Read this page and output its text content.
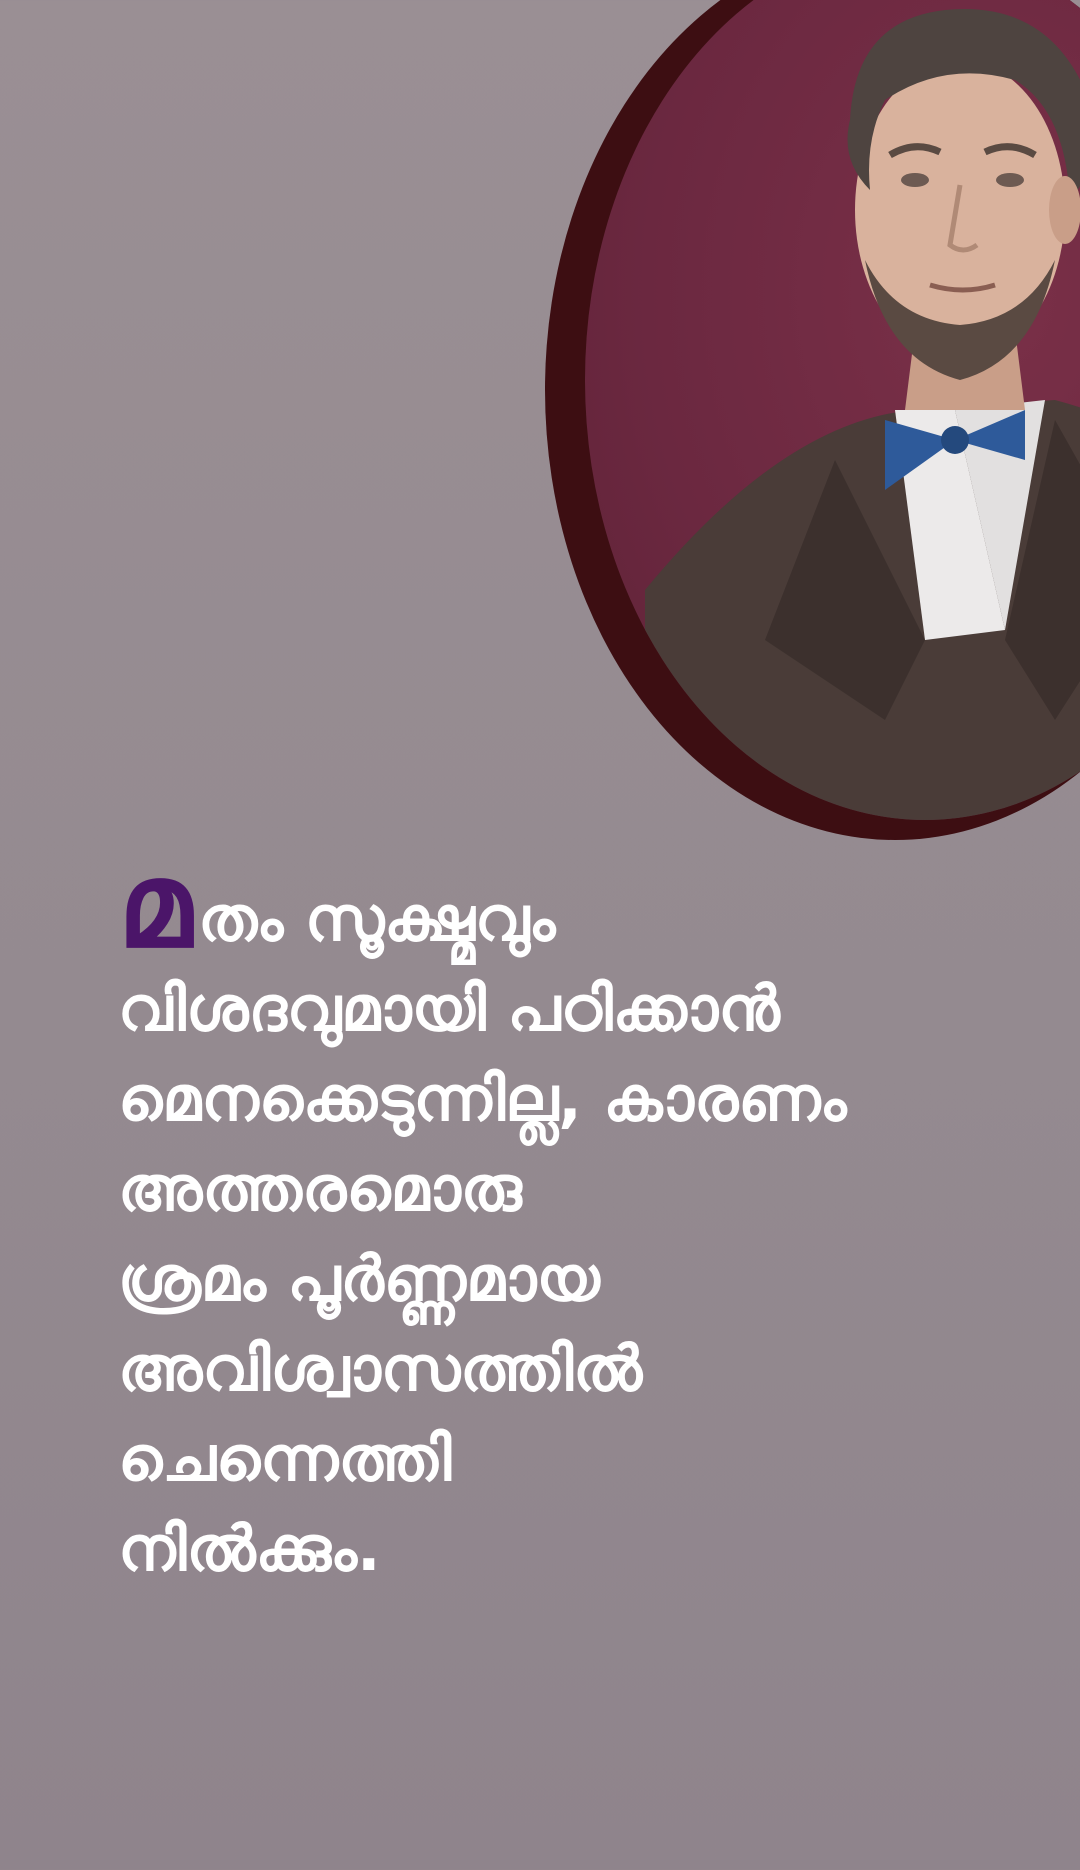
മതം സൂക്ഷ്മവും
വിശദവുമായി പഠിക്കാൻ
മെനക്കെടുന്നില്ല, കാരണം
അത്തരമൊരു
ശ്രമം പൂർണ്ണമായ
അവിശ്വാസത്തിൽ
ചെന്നെത്തി
നിൽക്കും.
